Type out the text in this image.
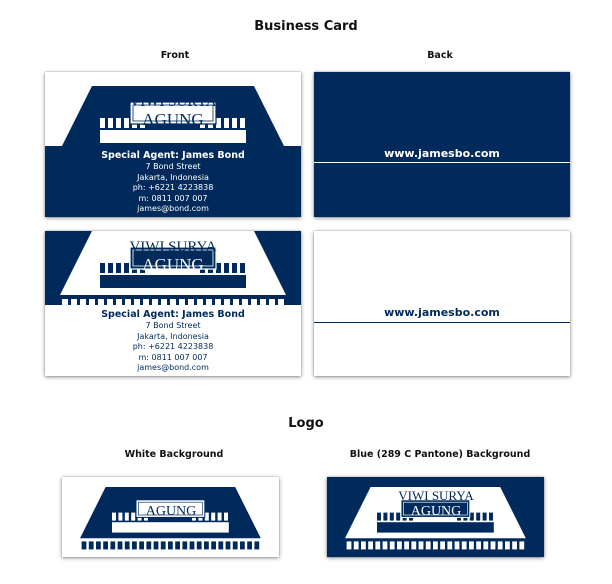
Business Card
Front	Back
VIWI SURYA
AGUNG
Special Agent: James Bond
7 Bond Street
Jakarta, Indonesia
ph: +6221 4223838
m: 0811 007 007
james@bond.com
www.jamesbo.com
VIWI SURYA
AGUNG
Special Agent: James Bond
7 Bond Street
Jakarta, Indonesia
ph: +6221 4223838
m: 0811 007 007
james@bond.com
www.jamesbo.com
Logo
White Background	Blue (289 C Pantone) Background
VIWI SURYA
AGUNG
VIWI SURYA
AGUNG
